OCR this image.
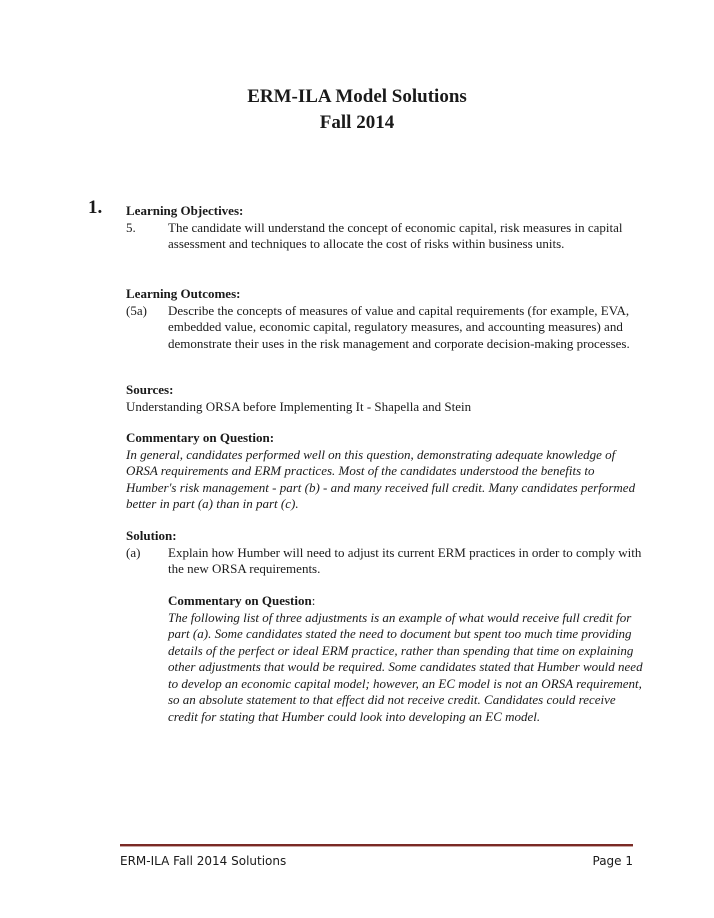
ERM-ILA Model Solutions
Fall 2014
1. Learning Objectives:
5.	The candidate will understand the concept of economic capital, risk measures in capital assessment and techniques to allocate the cost of risks within business units.
Learning Outcomes:
(5a)	Describe the concepts of measures of value and capital requirements (for example, EVA, embedded value, economic capital, regulatory measures, and accounting measures) and demonstrate their uses in the risk management and corporate decision-making processes.
Sources:
Understanding ORSA before Implementing It - Shapella and Stein
Commentary on Question:
In general, candidates performed well on this question, demonstrating adequate knowledge of ORSA requirements and ERM practices. Most of the candidates understood the benefits to Humber's risk management - part (b) - and many received full credit. Many candidates performed better in part (a) than in part (c).
Solution:
(a)	Explain how Humber will need to adjust its current ERM practices in order to comply with the new ORSA requirements.
Commentary on Question:
The following list of three adjustments is an example of what would receive full credit for part (a). Some candidates stated the need to document but spent too much time providing details of the perfect or ideal ERM practice, rather than spending that time on explaining other adjustments that would be required. Some candidates stated that Humber would need to develop an economic capital model; however, an EC model is not an ORSA requirement, so an absolute statement to that effect did not receive credit. Candidates could receive credit for stating that Humber could look into developing an EC model.
ERM-ILA Fall 2014 Solutions	Page 1
